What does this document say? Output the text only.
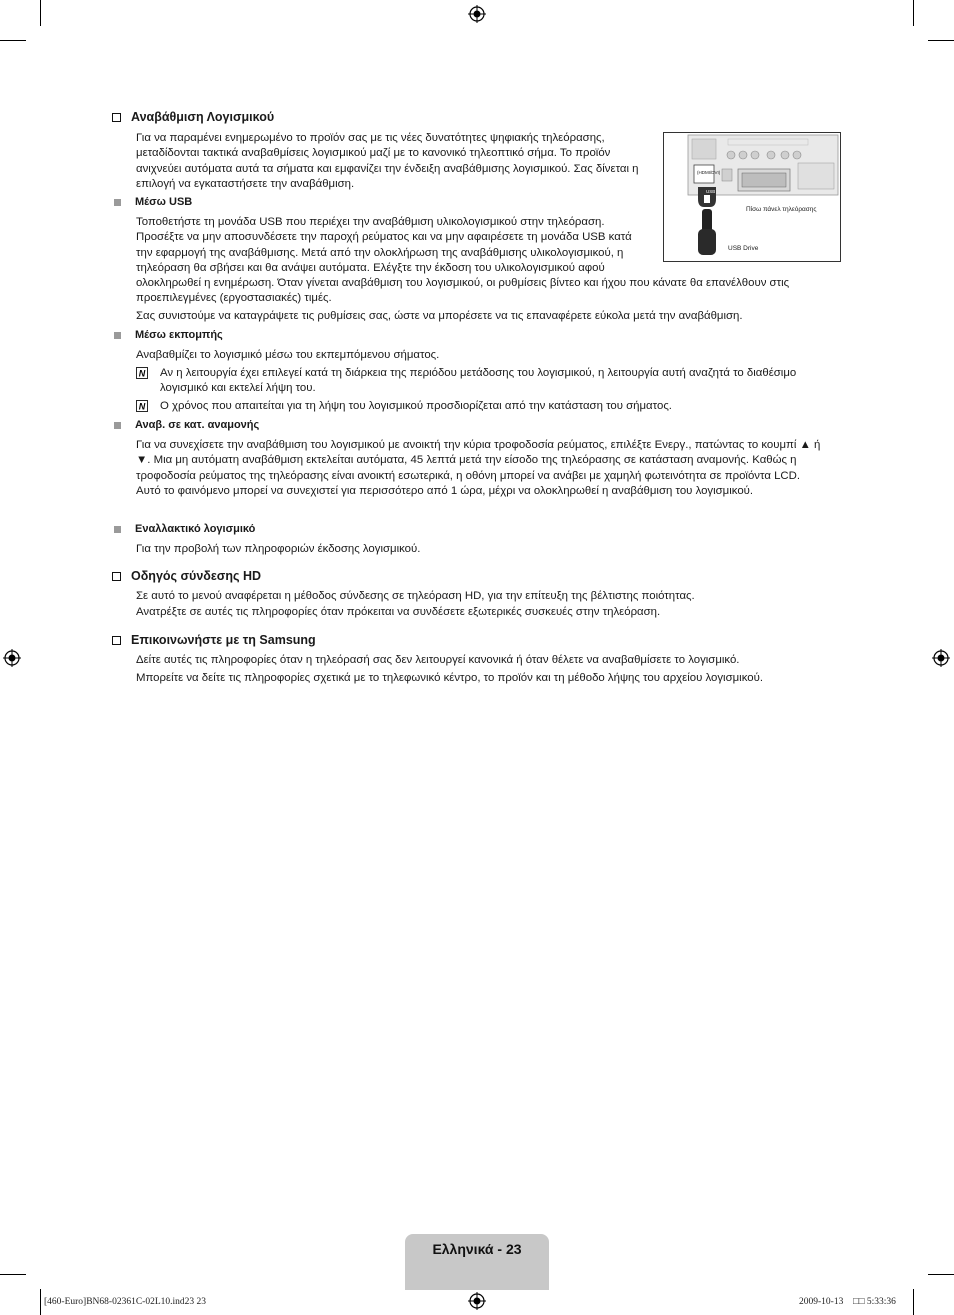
Αναβάθμιση Λογισμικού
Για να παραμένει ενημερωμένο το προϊόν σας με τις νέες δυνατότητες ψηφιακής τηλεόρασης, μεταδίδονται τακτικά αναβαθμίσεις λογισμικού μαζί με το κανονικό τηλεοπτικό σήμα. Το προϊόν ανιχνεύει αυτόματα αυτά τα σήματα και εμφανίζει την ένδειξη αναβάθμισης λογισμικού. Σας δίνεται η επιλογή να εγκαταστήσετε την αναβάθμιση.
(HDMI/DVI)
USB
Πίσω πάνελ τηλεόρασης
USB Drive
Μέσω USB
Τοποθετήστε τη μονάδα USB που περιέχει την αναβάθμιση υλικολογισμικού στην τηλεόραση. Προσέξτε να μην αποσυνδέσετε την παροχή ρεύματος και να μην αφαιρέσετε τη μονάδα USB κατά την εφαρμογή της αναβάθμισης. Μετά από την ολοκλήρωση της αναβάθμισης υλικολογισμικού, η τηλεόραση θα σβήσει και θα ανάψει αυτόματα. Ελέγξτε την έκδοση του υλικολογισμικού αφού ολοκληρωθεί η ενημέρωση. Όταν γίνεται αναβάθμιση του λογισμικού, οι ρυθμίσεις βίντεο και ήχου που κάνατε θα επανέλθουν στις προεπιλεγμένες (εργοστασιακές) τιμές.
Σας συνιστούμε να καταγράψετε τις ρυθμίσεις σας, ώστε να μπορέσετε να τις επαναφέρετε εύκολα μετά την αναβάθμιση.
Μέσω εκπομπής
Αναβαθμίζει το λογισμικό μέσω του εκπεμπόμενου σήματος.
N Αν η λειτουργία έχει επιλεγεί κατά τη διάρκεια της περιόδου μετάδοσης του λογισμικού, η λειτουργία αυτή αναζητά το διαθέσιμο λογισμικό και εκτελεί λήψη του.
N Ο χρόνος που απαιτείται για τη λήψη του λογισμικού προσδιορίζεται από την κατάσταση του σήματος.
Αναβ. σε κατ. αναμονής
Για να συνεχίσετε την αναβάθμιση του λογισμικού με ανοικτή την κύρια τροφοδοσία ρεύματος, επιλέξτε Ενεργ., πατώντας το κουμπί ▲ ή ▼. Μια μη αυτόματη αναβάθμιση εκτελείται αυτόματα, 45 λεπτά μετά την είσοδο της τηλεόρασης σε κατάσταση αναμονής. Καθώς η τροφοδοσία ρεύματος της τηλεόρασης είναι ανοικτή εσωτερικά, η οθόνη μπορεί να ανάβει με χαμηλή φωτεινότητα σε προϊόντα LCD. Αυτό το φαινόμενο μπορεί να συνεχιστεί για περισσότερο από 1 ώρα, μέχρι να ολοκληρωθεί η αναβάθμιση του λογισμικού.
Εναλλακτικό λογισμικό
Για την προβολή των πληροφοριών έκδοσης λογισμικού.
Οδηγός σύνδεσης HD
Σε αυτό το μενού αναφέρεται η μέθοδος σύνδεσης σε τηλεόραση HD, για την επίτευξη της βέλτιστης ποιότητας.
Ανατρέξτε σε αυτές τις πληροφορίες όταν πρόκειται να συνδέσετε εξωτερικές συσκευές στην τηλεόραση.
Επικοινωνήστε με τη Samsung
Δείτε αυτές τις πληροφορίες όταν η τηλεόρασή σας δεν λειτουργεί κανονικά ή όταν θέλετε να αναβαθμίσετε το λογισμικό.
Μπορείτε να δείτε τις πληροφορίες σχετικά με το τηλεφωνικό κέντρο, το προϊόν και τη μέθοδο λήψης του αρχείου λογισμικού.
Ελληνικά - 23
[460-Euro]BN68-02361C-02L10.ind23 23	2009-10-13 □□ 5:33:36
